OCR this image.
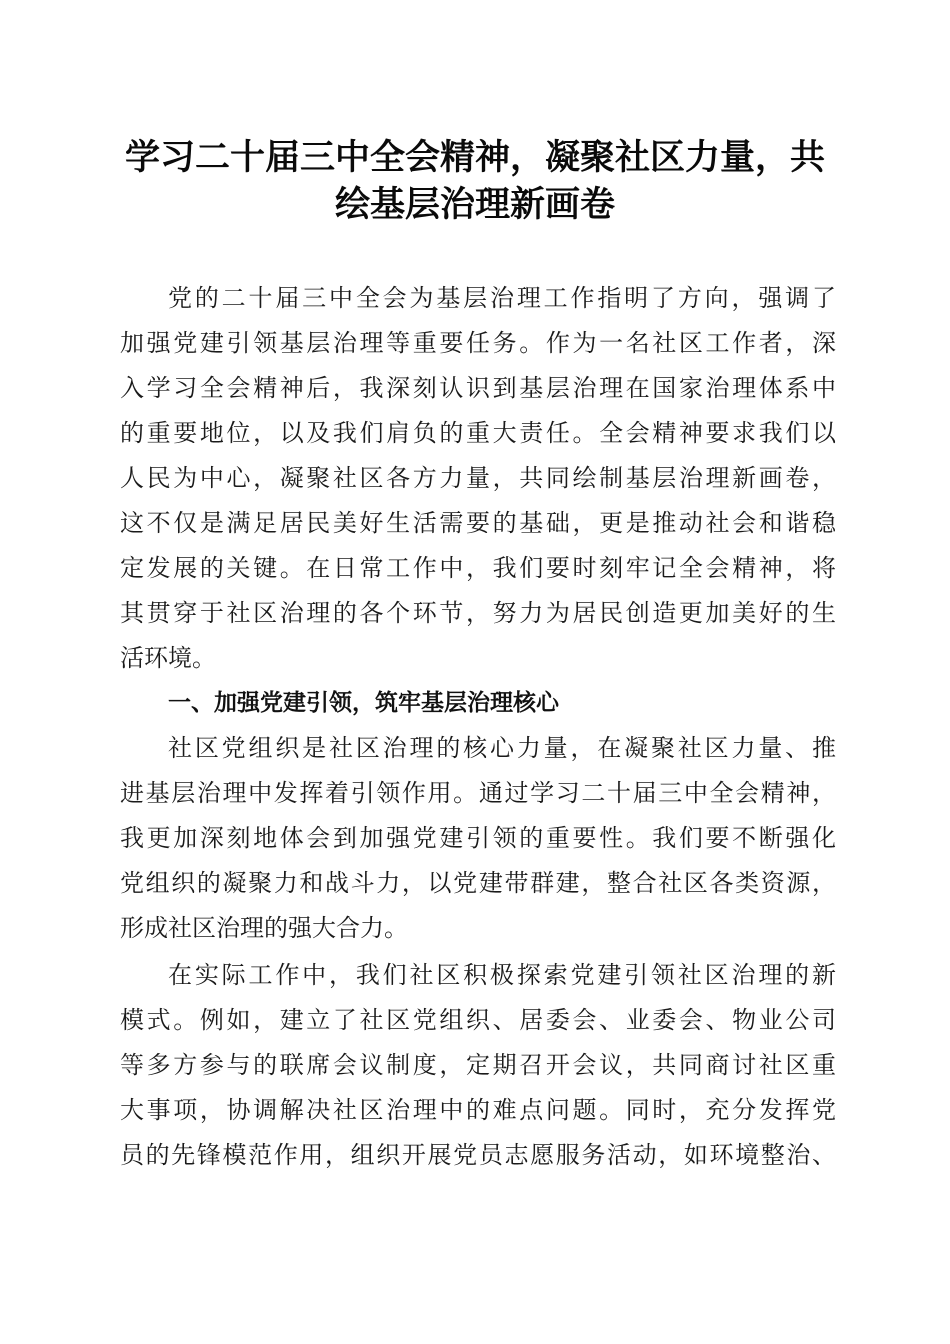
学习二十届三中全会精神，凝聚社区力量，共
绘基层治理新画卷
党的二十届三中全会为基层治理工作指明了方向，强调了
加强党建引领基层治理等重要任务。作为一名社区工作者，深
入学习全会精神后，我深刻认识到基层治理在国家治理体系中
的重要地位，以及我们肩负的重大责任。全会精神要求我们以
人民为中心，凝聚社区各方力量，共同绘制基层治理新画卷，
这不仅是满足居民美好生活需要的基础，更是推动社会和谐稳
定发展的关键。在日常工作中，我们要时刻牢记全会精神，将
其贯穿于社区治理的各个环节，努力为居民创造更加美好的生
活环境。
一、加强党建引领，筑牢基层治理核心
社区党组织是社区治理的核心力量，在凝聚社区力量、推
进基层治理中发挥着引领作用。通过学习二十届三中全会精神，
我更加深刻地体会到加强党建引领的重要性。我们要不断强化
党组织的凝聚力和战斗力，以党建带群建，整合社区各类资源，
形成社区治理的强大合力。
在实际工作中，我们社区积极探索党建引领社区治理的新
模式。例如，建立了社区党组织、居委会、业委会、物业公司
等多方参与的联席会议制度，定期召开会议，共同商讨社区重
大事项，协调解决社区治理中的难点问题。同时，充分发挥党
员的先锋模范作用，组织开展党员志愿服务活动，如环境整治、
